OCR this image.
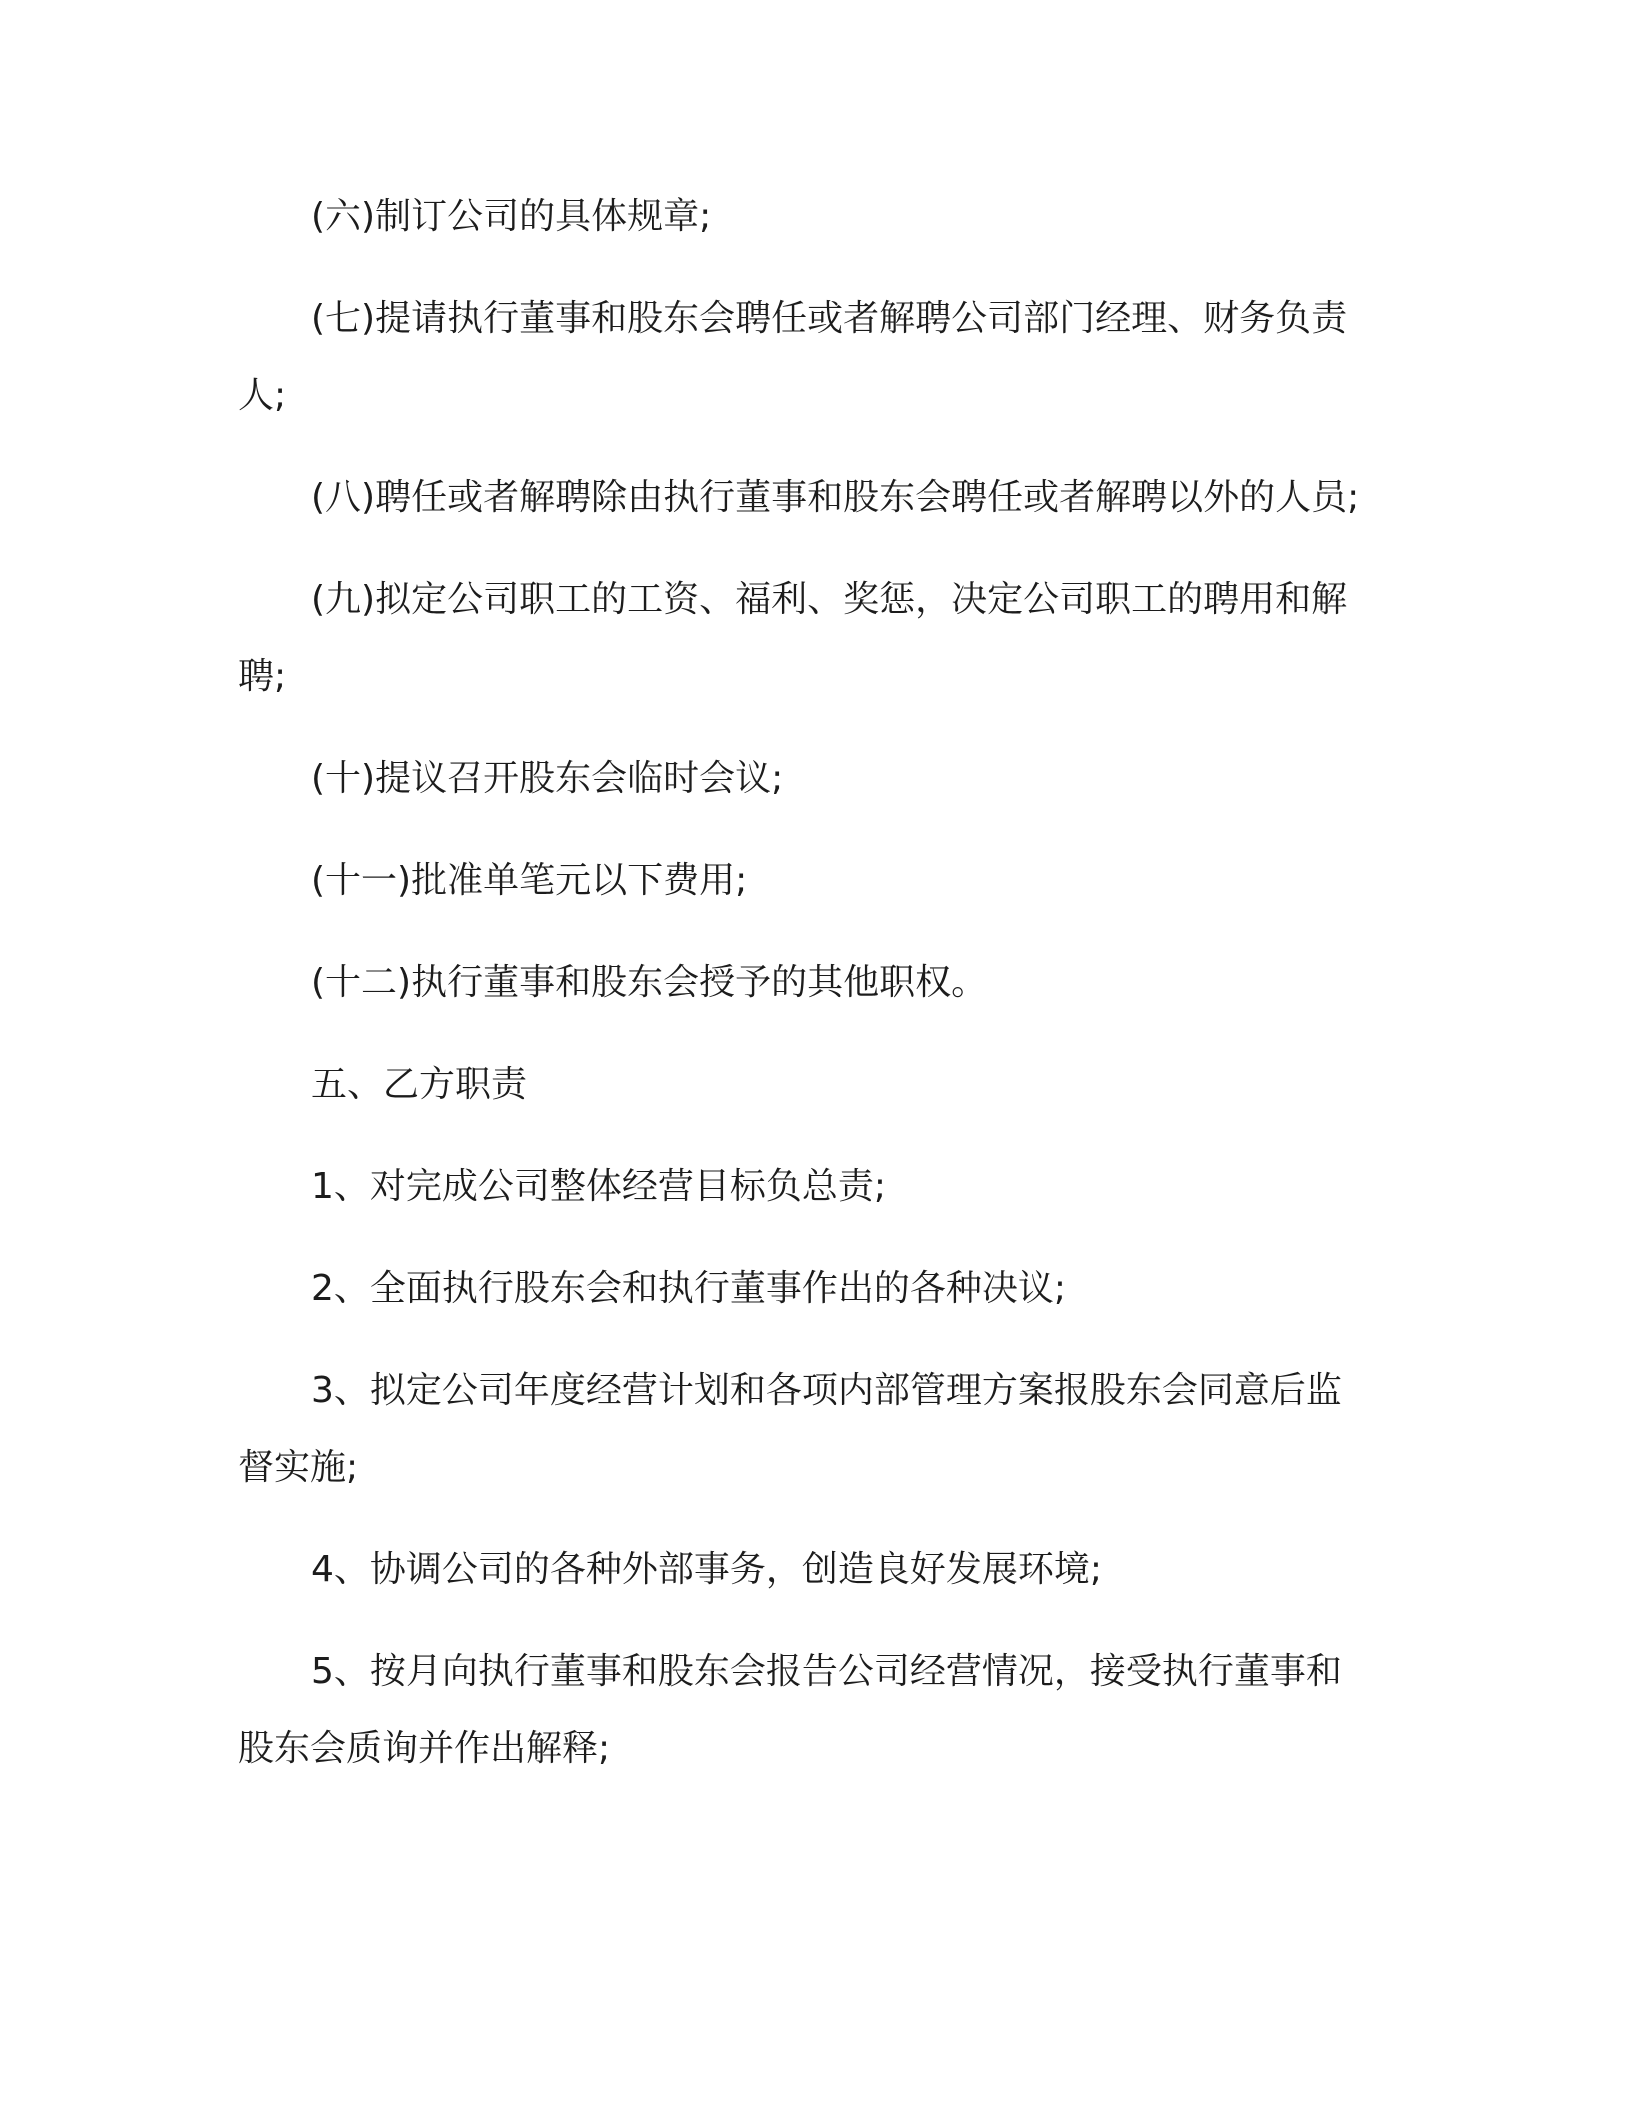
(六)制订公司的具体规章;
(七)提请执行董事和股东会聘任或者解聘公司部门经理、财务负责
人;
(八)聘任或者解聘除由执行董事和股东会聘任或者解聘以外的人员;
(九)拟定公司职工的工资、福利、奖惩，决定公司职工的聘用和解
聘;
(十)提议召开股东会临时会议;
(十一)批准单笔元以下费用;
(十二)执行董事和股东会授予的其他职权。
五、乙方职责
1、对完成公司整体经营目标负总责;
2、全面执行股东会和执行董事作出的各种决议;
3、拟定公司年度经营计划和各项内部管理方案报股东会同意后监
督实施;
4、协调公司的各种外部事务，创造良好发展环境;
5、按月向执行董事和股东会报告公司经营情况，接受执行董事和
股东会质询并作出解释;
